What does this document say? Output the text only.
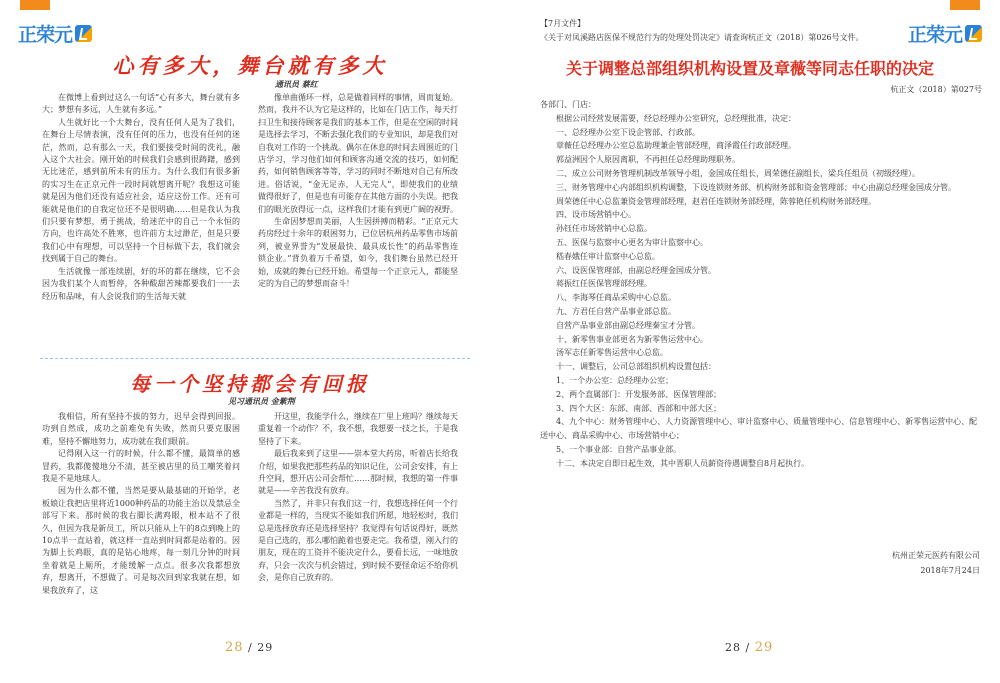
正荣元
心有多大，舞台就有多大
通讯员 蔡红

在微博上看到过这么一句话“心有多大，舞台就有多大；梦想有多远，人生就有多远。”

人生就好比一个大舞台，没有任何人是为了我们，在舞台上尽情表演，没有任何的压力，也没有任何的迷茫，然而，总有那么一天，我们要接受时间的洗礼，融入这个大社会。刚开始的时候我们会感到很踌躇，感到无比迷茫，感到前所未有的压力。为什么我们有很多新的实习生在正京元件一段时间就想离开呢？我想这可能就是因为他们还没有适应社会，适应这份工作。还有可能就是他们的自我定位还不是很明确……但是我认为我们只要有梦想，勇于挑战，给迷茫中的自己一个永恒的方向，也许高处不胜寒，也许前方太过渺茫，但是只要我们心中有理想，可以坚持一个目标做下去，我们就会找到属于自己的舞台。

生活就像一部连续剧，好的坏的都在继续，它不会因为我们某个人而暂停，各种酸甜苦辣都要我们一一去经历和品味，有人会说我们的生活每天就

像单曲循环一样，总是做着同样的事情，周而复始。然而，我并不认为它是这样的，比如在门店工作，每天打扫卫生和接待顾客是我们的基本工作，但是在空闲的时间是选择去学习，不断去强化我们的专业知识，却是我们对自我对工作的一个挑战。偶尔在休息的时间去周围近的门店学习，学习他们如何和顾客沟通交流的技巧，如何配药，如何销售顾客等等，学习的同时不断地对自己有所改进。俗话说，“金无足赤，人无完人”，即使我们的业绩做得很好了，但是也有可能存在其他方面的小失误。把我们的眼光放得远一点，这样我们才能有到更广阔的视野。

生命因梦想而美丽，人生因拼搏而精彩。“正京元大药房经过十余年的艰困努力，已位居杭州药品零售市场前列，被业界誉为“发展最快、最具成长性”的药品零售连锁企业。”背负着万千希望，如今，我们舞台虽然已经开始，成就的舞台已经开始。希望每一个正京元人，都能坚定的为自己的梦想而奋斗！

每一个坚持都会有回报
见习通讯员 金紫荆

我相信，所有坚持不拔的努力，迟早会得到回报。功到自然成，成功之前难免有失败，然而只要克服困难，坚持不懈地努力，成功就在我们眼前。

记得刚入这一行的时候，什么都不懂，最简单的感冒药，我都傻傻地分不清，甚至被店里的员工嘲笑着问我是不是地球人。

因为什么都不懂，当然是要从最基础的开始学，老板娘让我把店里将近1000种药品的功能主治以及禁忌全部写下来。那时候的我右脚长满鸡眼，根本站不了很久，但因为我是新员工，所以只能从上午的8点到晚上的10点半一直站着，就这样一直站到时间都是站着的。因为脚上长鸡眼，真的是钻心地疼，每一刻几分钟的时间坐着就是上厕所，才能缓解一点点。很多次我都想放弃，想离开，不想做了。可是每次回到家我就在想，如果我放弃了，这

开这里，我能学什么，继续在厂里上班吗？继续每天重复着一个动作？不，我不想，我想要一技之长，于是我坚持了下来。

最后我来到了这里——崇本堂大药房，听着店长给我介绍，如果我把那些药品的知识记住，公司会安排，有上升空间，想开店公司会帮忙……那时候，我想的第一件事就是——辛苦我没有放弃。

当然了，并非只有我们这一行，我想选择任何一个行业都是一样的，当现实不能如我们所愿，地轻松时，我们总是选择放弃还是选择坚持？我觉得有句话说得好，既然是自己选的，那么哪怕跪着也要走完。我希望，刚入行的朋友，现在的工资并不能决定什么，要看长远，一味地放弃，只会一次次与机会错过，到时候不要怪命运不给你机会，是你自己放弃的。

28 / 29
正荣元
【7月文件】
《关于对凤溪路店医保不规范行为的处理处罚决定》请查询杭正文（2018）第026号文件。
关于调整总部组织机构设置及章薇等同志任职的决定
杭正文（2018）第027号
各部门、门店：
根据公司经营发展需要，经总经理办公室研究，总经理批准，决定：
一、总经理办公室下设企管部、行政部。
章薇任总经理办公室总监助理兼企管部经理，商泽霞任行政部经理。
郭益洲因个人原因离职，不再担任总经理助理职务。
二、成立公司财务管理机制改革领导小组，金国成任组长，周荣德任副组长，梁兵任组员（初级经理）。
三、财务管理中心内部组织机构调整，下设连锁财务部、机构财务部和资金管理部；中心由副总经理金国成分管。
周荣德任中心总监兼资金管理部经理，赵君任连锁财务部经理，陈蓉艳任机构财务部经理。
四、设市场营销中心。
孙钰任市场营销中心总监。
五、医保与监察中心更名为审计监察中心。
嵇春娥任审计监察中心总监。
六、设医保管理部，由副总经理金国成分管。
蒋振红任医保管理部经理。
八、李海琴任商品采购中心总监。
九、方君任自营产品事业部总监。
自营产品事业部由副总经理秦宝才分管。
十、新零售事业部更名为新零售运营中心。
汤军志任新零售运营中心总监。
十一、调整后，公司总部组织机构设置包括：
1、一个办公室：总经理办公室；
2、两个直属部门：开发服务部、医保管理部；
3、四个大区：东部、南部、西部和中部大区；
4、九个中心：财务管理中心、人力资源管理中心、审计监察中心、质量管理中心、信息管理中心、新零售运营中心、配送中心、商品采购中心、市场营销中心；
5、一个事业部：自营产品事业部。
十二、本决定自即日起生效，其中晋职人员薪资待遇调整自8月起执行。
杭州正荣元医药有限公司
2018年7月24日
28 / 29
